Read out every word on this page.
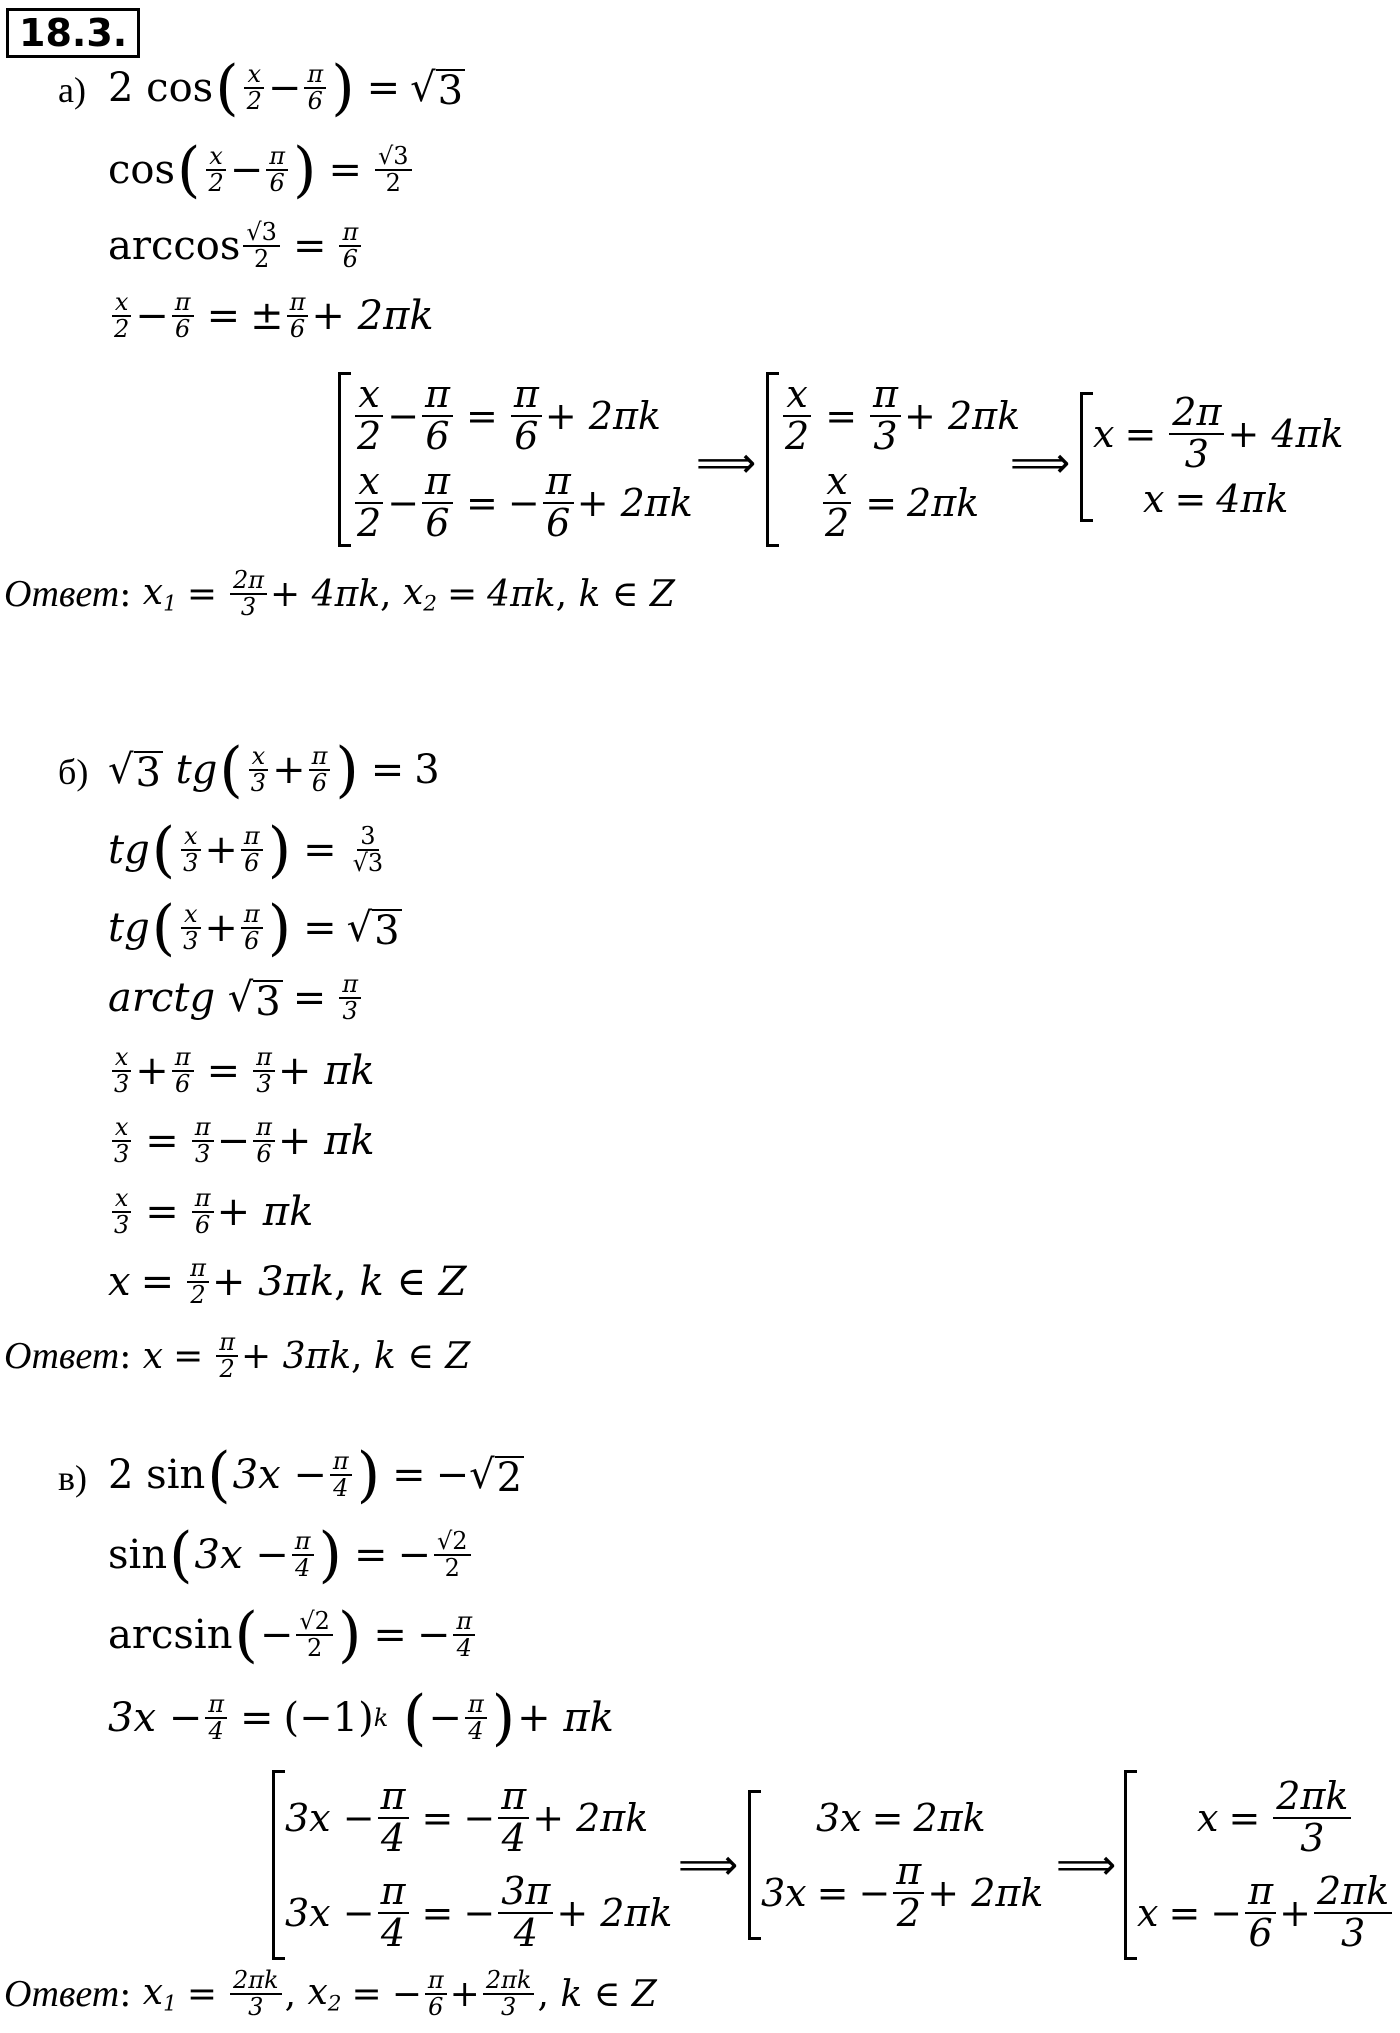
18.3.
а) 2 cos ( $\frac{x}{2} - \frac{\pi}{6}$ ) = √ 3
cos ( $\frac{x}{2} - \frac{\pi}{6}$ ) = $\frac{√3}{2}$
$\arccos \frac{√3}{2} = \frac{\pi}{6}$
$\frac{x}{2} - \frac{\pi}{6}$ = ± $\frac{\pi}{6} + 2\pi k$
$\frac{x}{2} - \frac{\pi}{6} = \frac{\pi}{6} + 2\pi k$
$\frac{x}{2} - \frac{\pi}{6}$ = − $\frac{\pi}{6} + 2\pi k$
⟹
$\frac{x}{2} = \frac{\pi}{3} + 2\pi k$
$\frac{x}{2} = 2\pi k$
⟹
$x = \frac{2\pi}{3} + 4\pi k$
x = 4πk
Ответ : $x_1 = \frac{2\pi}{3} + 4\pi k$ , $x_2 = 4\pi k$ , k ∈ Z
б) √ 3
tg ( $\frac{x}{3} + \frac{\pi}{6}$ ) = 3
tg ( $\frac{x}{3} + \frac{\pi}{6}$ ) = $\frac{3}{√3}$
tg ( $\frac{x}{3} + \frac{\pi}{6}$ ) = √ 3
arctg
√ $3 = \frac{\pi}{3}$
$\frac{x}{3} + \frac{\pi}{6} = \frac{\pi}{3} + \pi k$
$\frac{x}{3} = \frac{\pi}{3} - \frac{\pi}{6} + \pi k$
$\frac{x}{3} = \frac{\pi}{6} + \pi k$
$x = \frac{\pi}{2} + 3\pi k$ , k ∈ Z
Ответ : $x = \frac{\pi}{2} + 3\pi k$ , k ∈ Z
в) 2 sin ( $3x - \frac{\pi}{4}$ ) = − √ 2
sin ( $3x - \frac{\pi}{4}$ ) = − $\frac{√2}{2}$
arcsin ( − $\frac{√2}{2}$ ) = − $\frac{\pi}{4}$
$3x - \frac{\pi}{4} = (-1)$ k
( − $\frac{\pi}{4}$ ) + πk
$3x - \frac{\pi}{4}$ = − $\frac{\pi}{4} + 2\pi k$
$3x - \frac{\pi}{4}$ = − $\frac{3\pi}{4} + 2\pi k$
⟹
3x = 2πk
3x = − $\frac{\pi}{2} + 2\pi k$
⟹
$x = \frac{2\pi k}{3}$
x = − $\frac{\pi}{6} + \frac{2\pi k}{3}$
Ответ : $x_1 = \frac{2\pi k}{3}$ , $x_2$ = − $\frac{\pi}{6} + \frac{2\pi k}{3}$ , k ∈ Z
